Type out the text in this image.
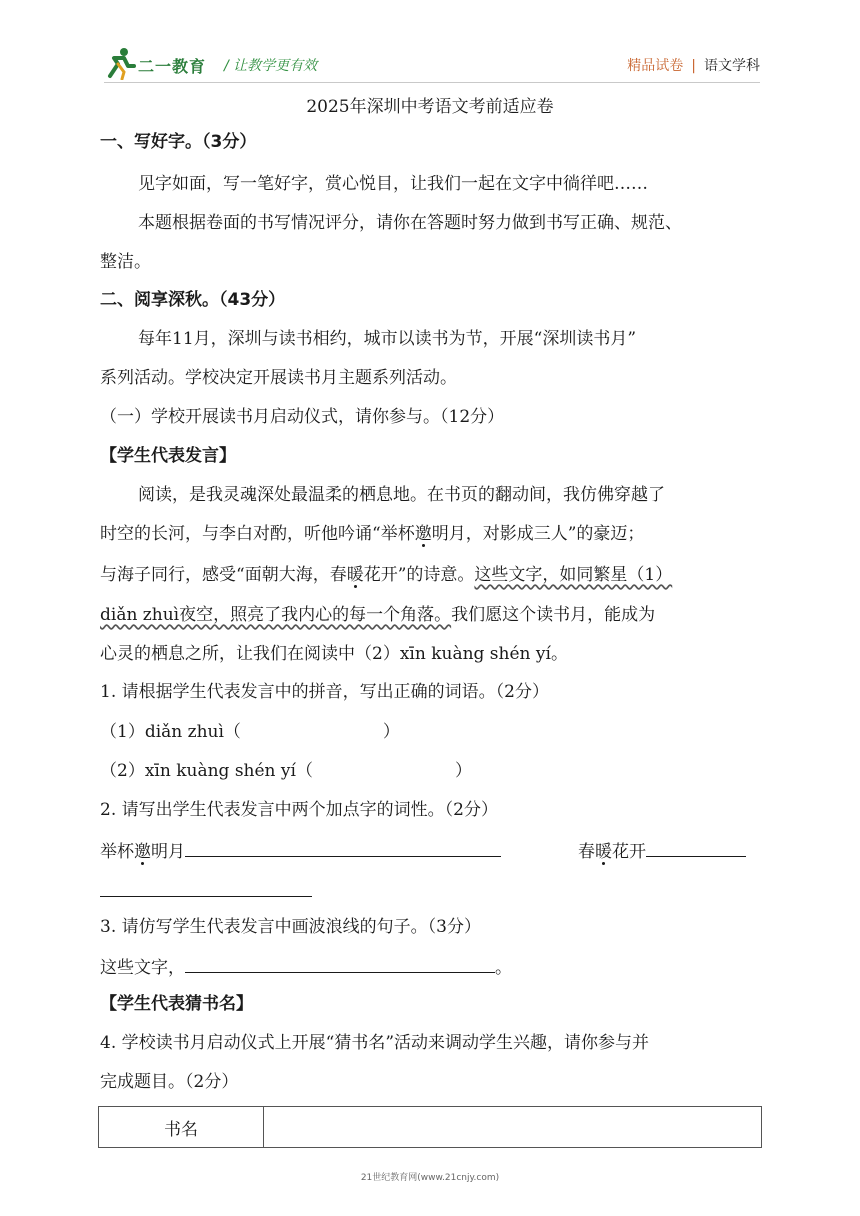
二一教育 / 让教学更有效	精品试卷 | 语文学科
2025年深圳中考语文考前适应卷
一、写好字。（3分）
见字如面，写一笔好字，赏心悦目，让我们一起在文字中徜徉吧……
本题根据卷面的书写情况评分，请你在答题时努力做到书写正确、规范、
整洁。
二、阅享深秋。（43分）
每年11月，深圳与读书相约，城市以读书为节，开展“深圳读书月”
系列活动。学校决定开展读书月主题系列活动。
（一）学校开展读书月启动仪式，请你参与。（12分）
【学生代表发言】
阅读，是我灵魂深处最温柔的栖息地。在书页的翻动间，我仿佛穿越了
时空的长河，与李白对酌，听他吟诵“举杯邀明月，对影成三人”的豪迈；
与海子同行，感受“面朝大海，春暖花开”的诗意。这些文字，如同繁星（1）
diǎn zhuì夜空，照亮了我内心的每一个角落。我们愿这个读书月，能成为
心灵的栖息之所，让我们在阅读中（2）xīn kuàng shén yí。
1. 请根据学生代表发言中的拼音，写出正确的词语。（2分）
（1）diǎn zhuì（	）
（2）xīn kuàng shén yí（	）
2. 请写出学生代表发言中两个加点字的词性。（2分）
举杯邀明月	春暖花开
3. 请仿写学生代表发言中画波浪线的句子。（3分）
这些文字，	。
【学生代表猜书名】
4. 学校读书月启动仪式上开展“猜书名”活动来调动学生兴趣，请你参与并
完成题目。（2分）
书名	
21世纪教育网(www.21cnjy.com)
